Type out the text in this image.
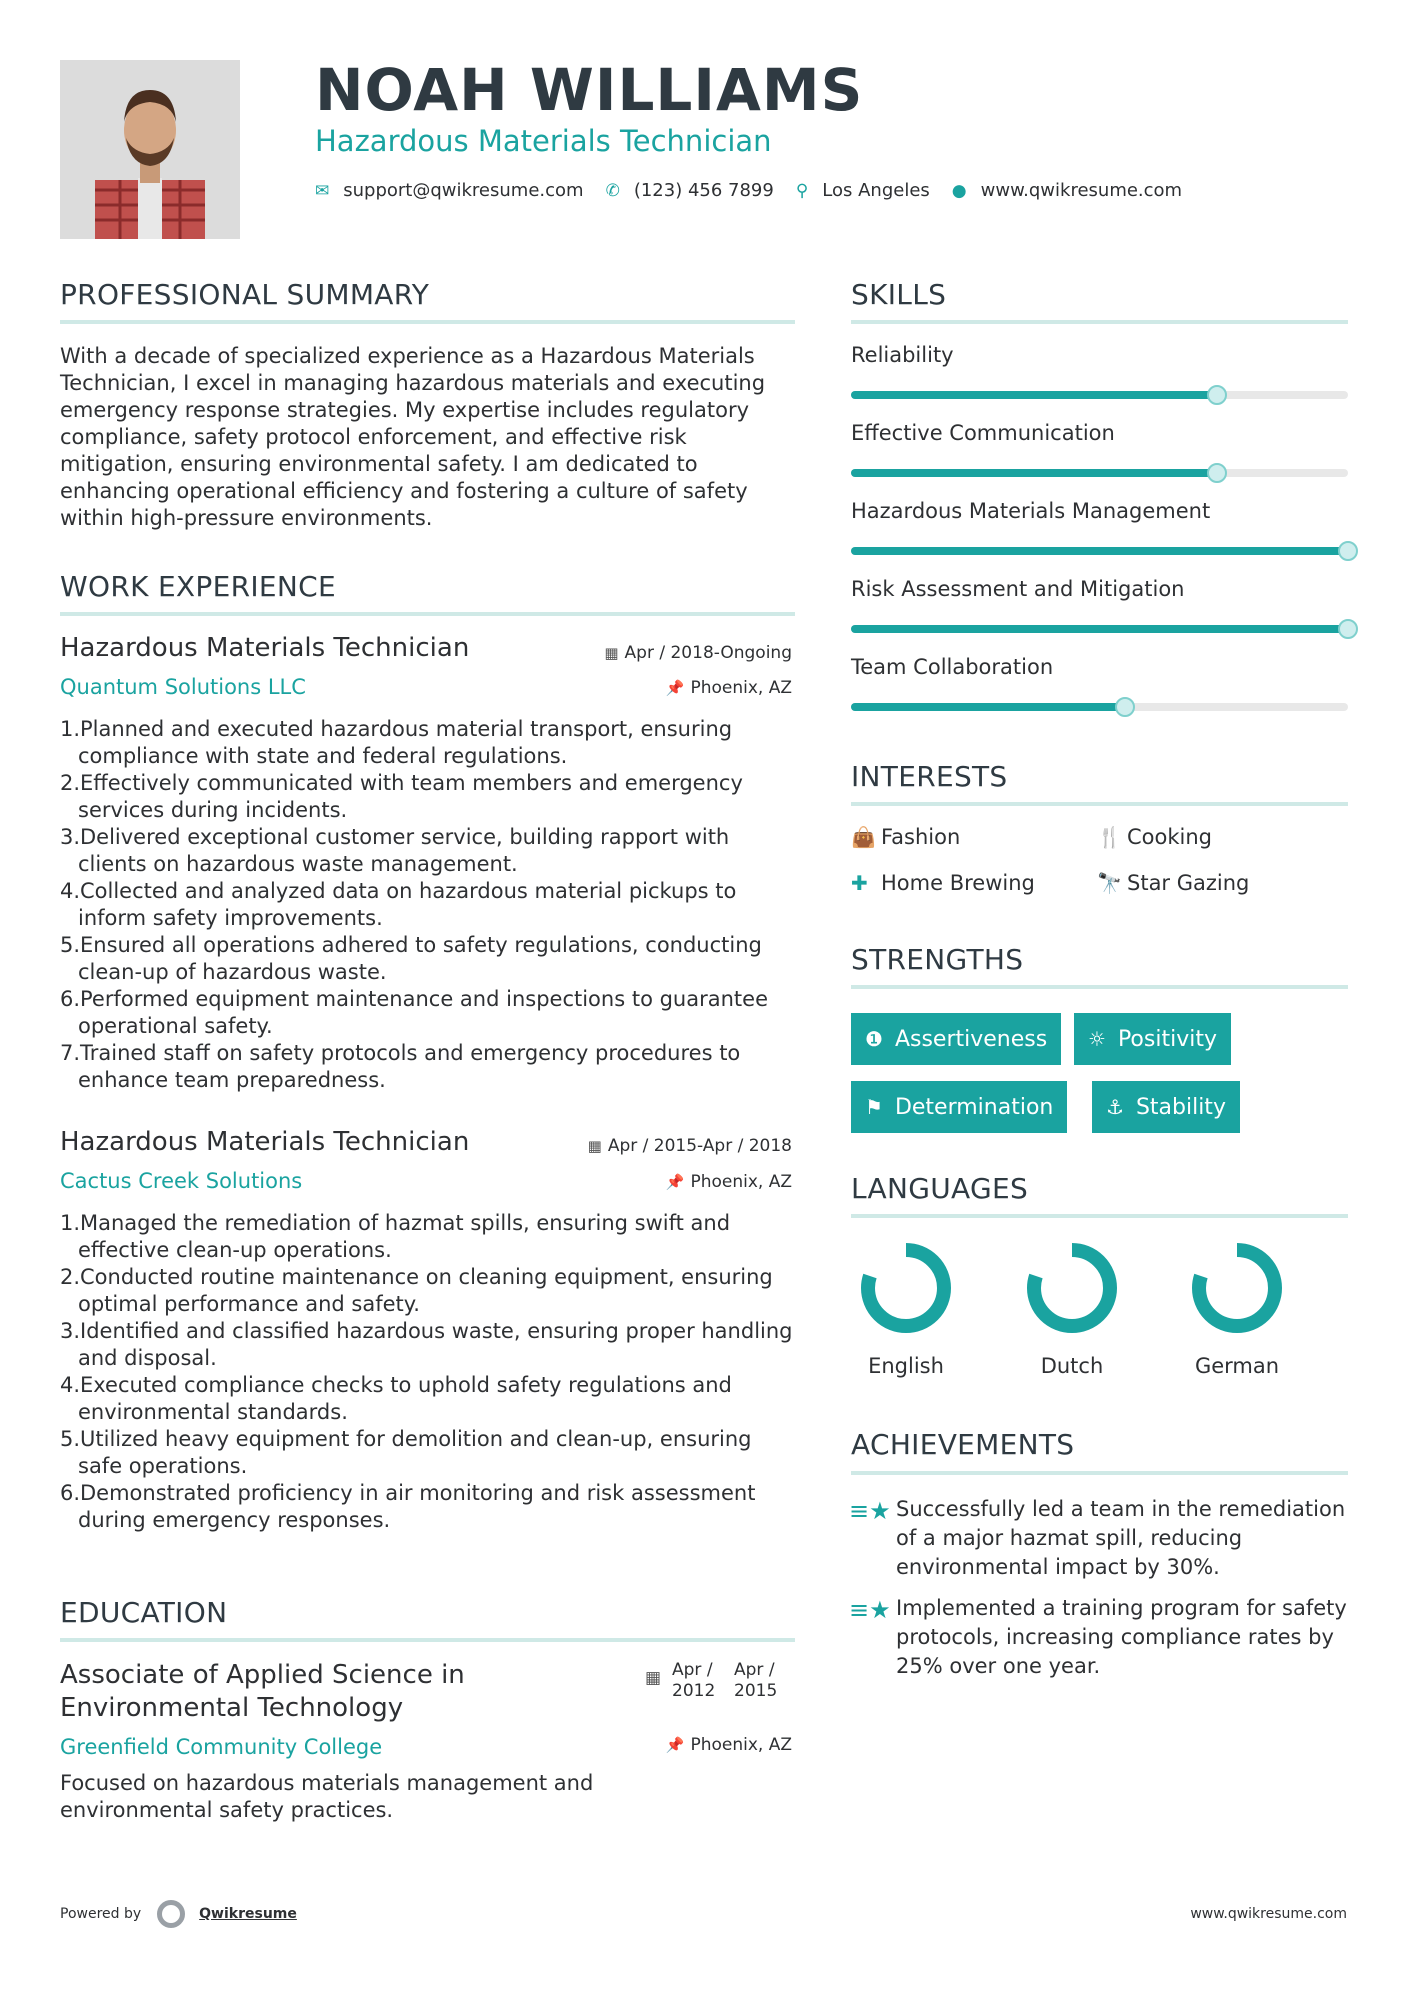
NOAH WILLIAMS
Hazardous Materials Technician
✉ support@qwikresume.com ✆ (123) 456 7899 ⚲ Los Angeles ● www.qwikresume.com
PROFESSIONAL SUMMARY
With a decade of specialized experience as a Hazardous Materials Technician, I excel in managing hazardous materials and executing emergency response strategies. My expertise includes regulatory compliance, safety protocol enforcement, and effective risk mitigation, ensuring environmental safety. I am dedicated to enhancing operational efficiency and fostering a culture of safety within high-pressure environments.
WORK EXPERIENCE
Hazardous Materials Technician	▦ Apr / 2018-Ongoing
Quantum Solutions LLC	📌 Phoenix, AZ
1. Planned and executed hazardous material transport, ensuring compliance with state and federal regulations.
2. Effectively communicated with team members and emergency services during incidents.
3. Delivered exceptional customer service, building rapport with clients on hazardous waste management.
4. Collected and analyzed data on hazardous material pickups to inform safety improvements.
5. Ensured all operations adhered to safety regulations, conducting clean-up of hazardous waste.
6. Performed equipment maintenance and inspections to guarantee operational safety.
7. Trained staff on safety protocols and emergency procedures to enhance team preparedness.
Hazardous Materials Technician	▦ Apr / 2015-Apr / 2018
Cactus Creek Solutions	📌 Phoenix, AZ
1. Managed the remediation of hazmat spills, ensuring swift and effective clean-up operations.
2. Conducted routine maintenance on cleaning equipment, ensuring optimal performance and safety.
3. Identified and classified hazardous waste, ensuring proper handling and disposal.
4. Executed compliance checks to uphold safety regulations and environmental standards.
5. Utilized heavy equipment for demolition and clean-up, ensuring safe operations.
6. Demonstrated proficiency in air monitoring and risk assessment during emergency responses.
EDUCATION
Associate of Applied Science in
Environmental Technology
▦ Apr /
2012
Apr /
2015
Greenfield Community College	📌 Phoenix, AZ
Focused on hazardous materials management and environmental safety practices.
SKILLS
Reliability
Effective Communication
Hazardous Materials Management
Risk Assessment and Mitigation
Team Collaboration
INTERESTS
👜 Fashion	🍴 Cooking
✚ Home Brewing	🔭 Star Gazing
STRENGTHS
❶ Assertiveness ☼ Positivity
⚑ Determination	⚓ Stability
LANGUAGES
English	Dutch	German
ACHIEVEMENTS
≡★ Successfully led a team in the remediation of a major hazmat spill, reducing environmental impact by 30%.
≡★ Implemented a training program for safety protocols, increasing compliance rates by 25% over one year.
Powered by	Qwikresume	www.qwikresume.com
